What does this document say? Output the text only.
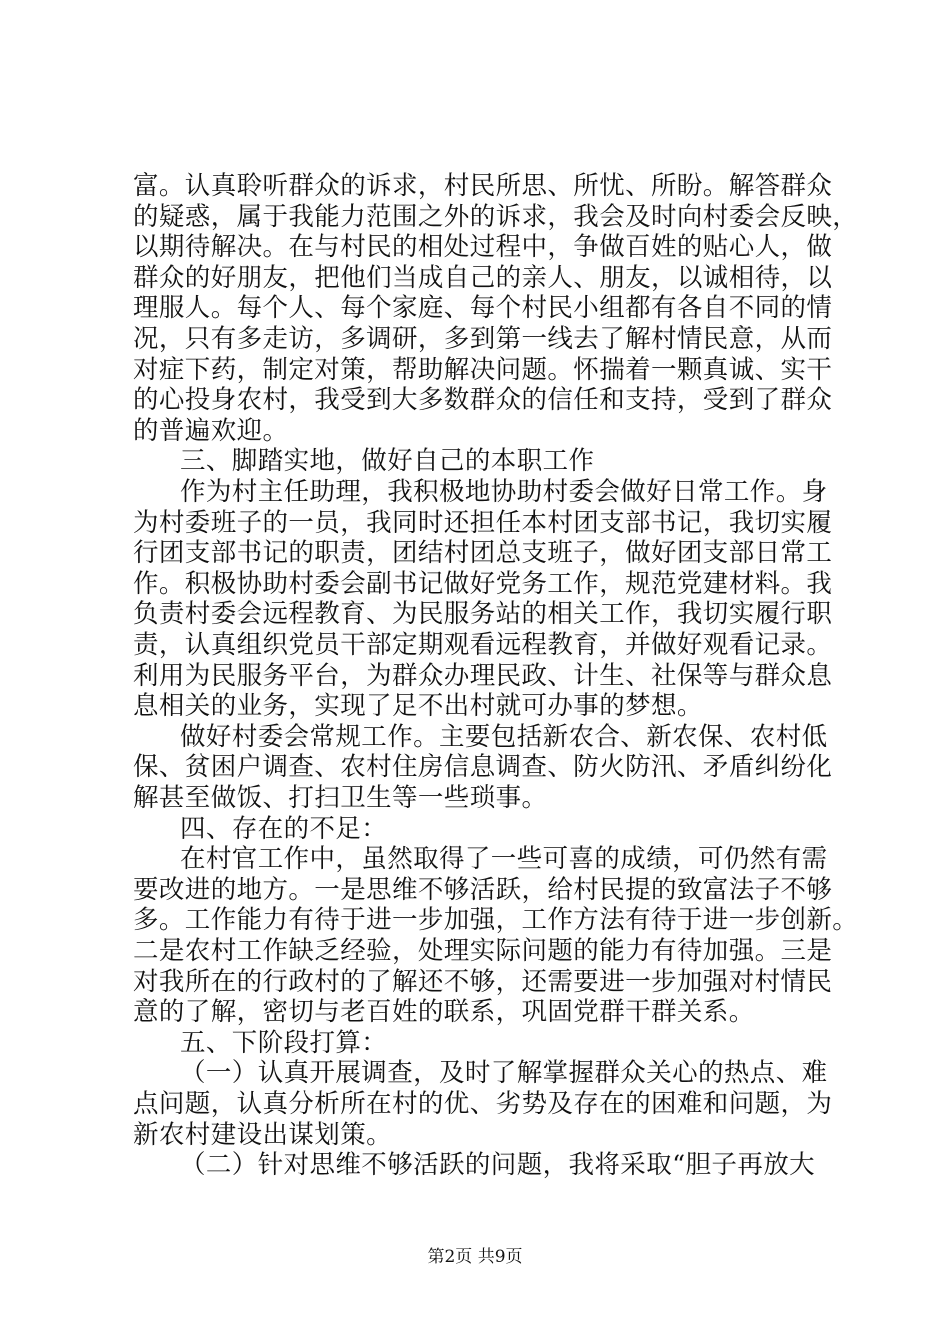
富。认真聆听群众的诉求，村民所思、所忧、所盼。解答群众
的疑惑，属于我能力范围之外的诉求，我会及时向村委会反映，
以期待解决。在与村民的相处过程中，争做百姓的贴心人，做
群众的好朋友，把他们当成自己的亲人、朋友，以诚相待，以
理服人。每个人、每个家庭、每个村民小组都有各自不同的情
况，只有多走访，多调研，多到第一线去了解村情民意，从而
对症下药，制定对策，帮助解决问题。怀揣着一颗真诚、实干
的心投身农村，我受到大多数群众的信任和支持，受到了群众
的普遍欢迎。
三、脚踏实地，做好自己的本职工作
作为村主任助理，我积极地协助村委会做好日常工作。身
为村委班子的一员，我同时还担任本村团支部书记，我切实履
行团支部书记的职责，团结村团总支班子，做好团支部日常工
作。积极协助村委会副书记做好党务工作，规范党建材料。我
负责村委会远程教育、为民服务站的相关工作，我切实履行职
责，认真组织党员干部定期观看远程教育，并做好观看记录。
利用为民服务平台，为群众办理民政、计生、社保等与群众息
息相关的业务，实现了足不出村就可办事的梦想。
做好村委会常规工作。主要包括新农合、新农保、农村低
保、贫困户调查、农村住房信息调查、防火防汛、矛盾纠纷化
解甚至做饭、打扫卫生等一些琐事。
四、存在的不足：
在村官工作中，虽然取得了一些可喜的成绩，可仍然有需
要改进的地方。一是思维不够活跃，给村民提的致富法子不够
多。工作能力有待于进一步加强，工作方法有待于进一步创新。
二是农村工作缺乏经验，处理实际问题的能力有待加强。三是
对我所在的行政村的了解还不够，还需要进一步加强对村情民
意的了解，密切与老百姓的联系，巩固党群干群关系。
五、下阶段打算：
（一）认真开展调查，及时了解掌握群众关心的热点、难
点问题，认真分析所在村的优、劣势及存在的困难和问题，为
新农村建设出谋划策。
（二）针对思维不够活跃的问题，我将采取“胆子再放大
第2页 共9页
